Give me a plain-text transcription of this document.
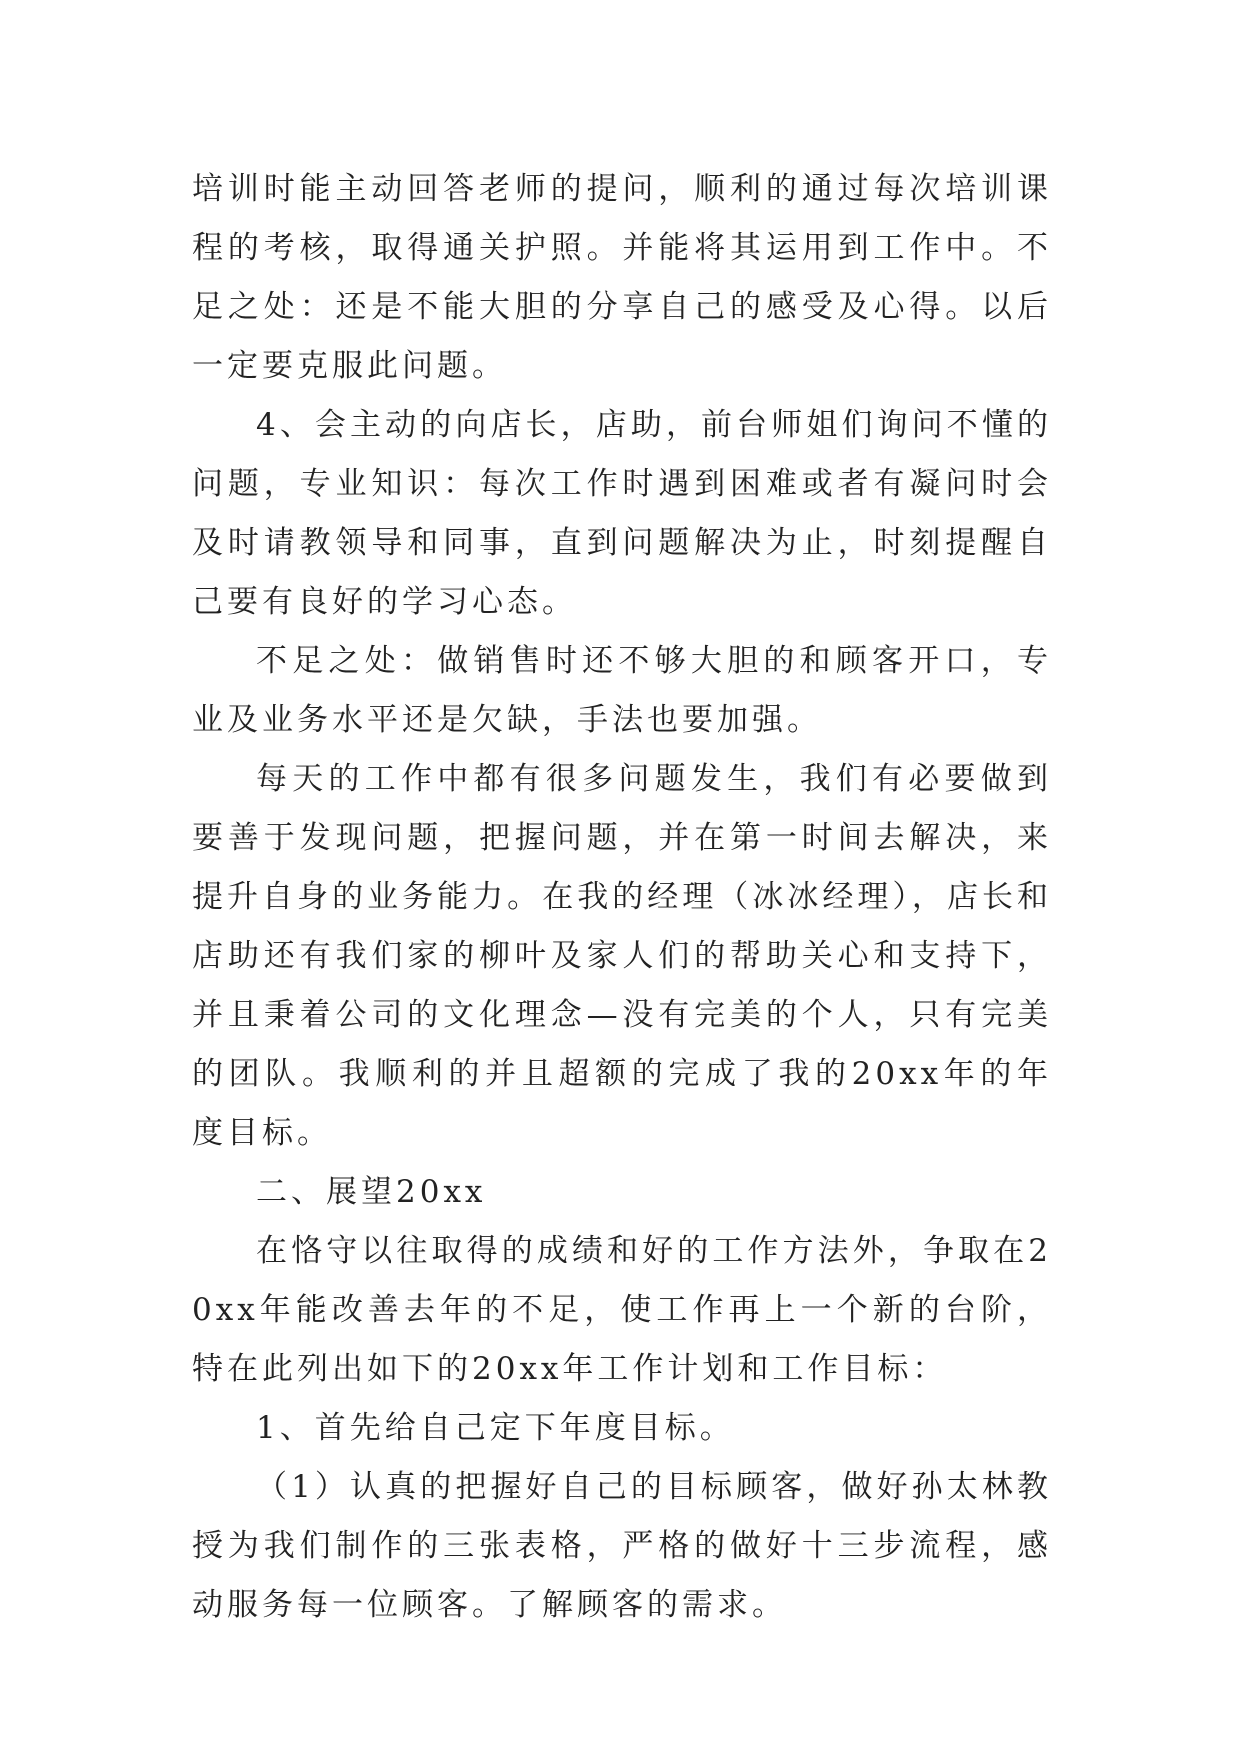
培训时能主动回答老师的提问，顺利的通过每次培训课程的考核，取得通关护照。并能将其运用到工作中。不足之处：还是不能大胆的分享自己的感受及心得。以后一定要克服此问题。

4、会主动的向店长，店助，前台师姐们询问不懂的问题，专业知识：每次工作时遇到困难或者有凝问时会及时请教领导和同事，直到问题解决为止，时刻提醒自己要有良好的学习心态。

不足之处：做销售时还不够大胆的和顾客开口，专业及业务水平还是欠缺，手法也要加强。

每天的工作中都有很多问题发生，我们有必要做到要善于发现问题，把握问题，并在第一时间去解决，来提升自身的业务能力。在我的经理（冰冰经理），店长和店助还有我们家的柳叶及家人们的帮助关心和支持下，并且秉着公司的文化理念—没有完美的个人，只有完美的团队。我顺利的并且超额的完成了我的20xx年的年度目标。

二、展望20xx

在恪守以往取得的成绩和好的工作方法外，争取在20xx年能改善去年的不足，使工作再上一个新的台阶，特在此列出如下的20xx年工作计划和工作目标：

1、首先给自己定下年度目标。

（1）认真的把握好自己的目标顾客，做好孙太林教授为我们制作的三张表格，严格的做好十三步流程，感动服务每一位顾客。了解顾客的需求。
